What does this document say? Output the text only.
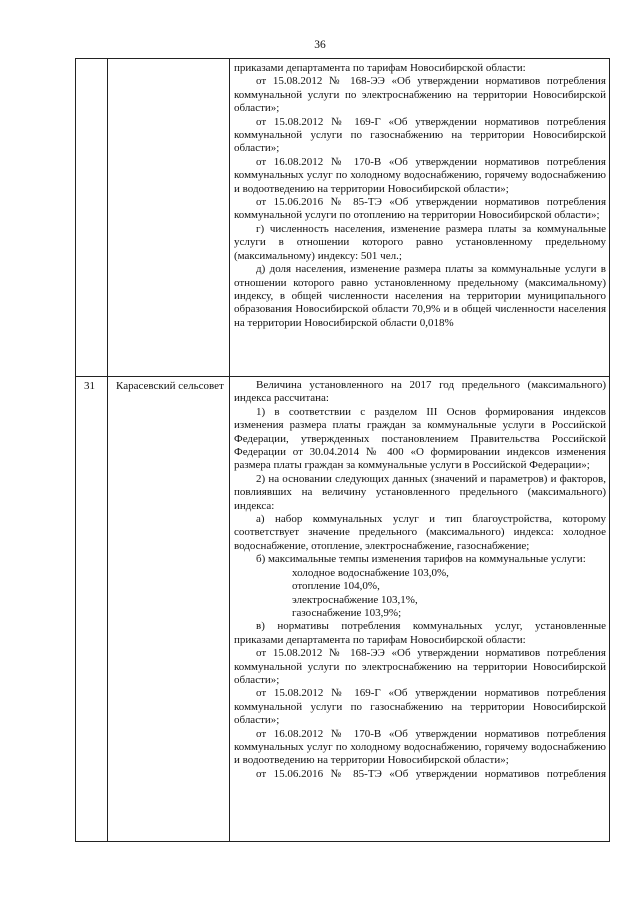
36

приказами департамента по тарифам Новосибирской области:

от 15.08.2012 № 168-ЭЭ «Об утверждении нормативов потребления коммунальной услуги по электроснабжению на территории Новосибирской области»;

от 15.08.2012 № 169-Г «Об утверждении нормативов потребления коммунальной услуги по газоснабжению на территории Новосибирской области»;

от 16.08.2012 № 170-В «Об утверждении нормативов потребления коммунальных услуг по холодному водоснабжению, горячему водоснабжению и водоотведению на территории Новосибирской области»;

от 15.06.2016 № 85-ТЭ «Об утверждении нормативов потребления коммунальной услуги по отоплению на территории Новосибирской области»;

г) численность населения, изменение размера платы за коммунальные услуги в отношении которого равно установленному предельному (максимальному) индексу: 501 чел.;

д) доля населения, изменение размера платы за коммунальные услуги в отношении которого равно установленному предельному (максимальному) индексу, в общей численности населения на территории муниципального образования Новосибирской области 70,9% и в общей численности населения на территории Новосибирской области 0,018%

31 Карасевский сельсовет	Величина установленного на 2017 год предельного (максимального) индекса рассчитана:

1) в соответствии с разделом III Основ формирования индексов изменения размера платы граждан за коммунальные услуги в Российской Федерации, утвержденных постановлением Правительства Российской Федерации от 30.04.2014 № 400 «О формировании индексов изменения размера платы граждан за коммунальные услуги в Российской Федерации»;

2) на основании следующих данных (значений и параметров) и факторов, повлиявших на величину установленного предельного (максимального) индекса:

а) набор коммунальных услуг и тип благоустройства, которому соответствует значение предельного (максимального) индекса: холодное водоснабжение, отопление, электроснабжение, газоснабжение;

б) максимальные темпы изменения тарифов на коммунальные услуги:

холодное водоснабжение 103,0%,

отопление 104,0%,

электроснабжение 103,1%,

газоснабжение 103,9%;

в) нормативы потребления коммунальных услуг, установленные приказами департамента по тарифам Новосибирской области:

от 15.08.2012 № 168-ЭЭ «Об утверждении нормативов потребления коммунальной услуги по электроснабжению на территории Новосибирской области»;

от 15.08.2012 № 169-Г «Об утверждении нормативов потребления коммунальной услуги по газоснабжению на территории Новосибирской области»;

от 16.08.2012 № 170-В «Об утверждении нормативов потребления коммунальных услуг по холодному водоснабжению, горячему водоснабжению и водоотведению на территории Новосибирской области»;

от 15.06.2016 № 85-ТЭ «Об утверждении нормативов потребления
